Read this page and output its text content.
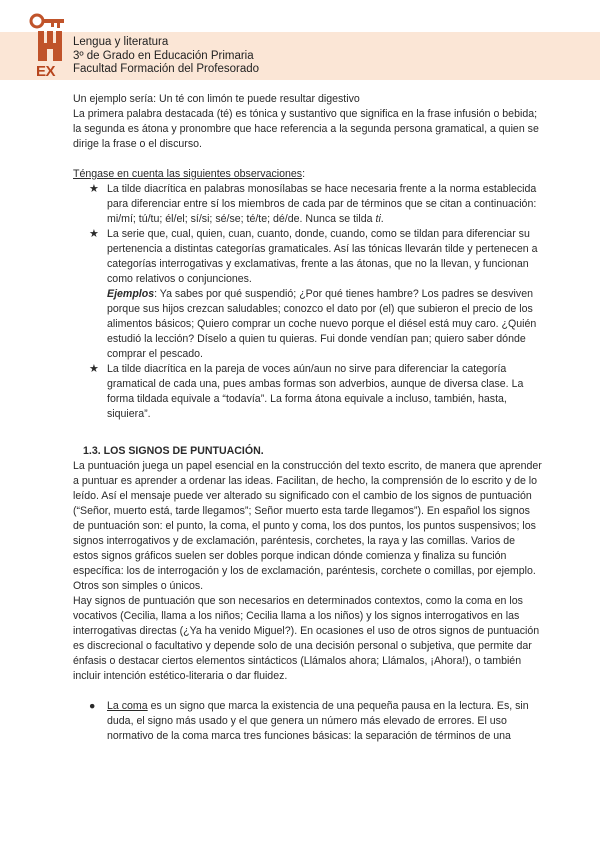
EX
Lengua y literatura
3º de Grado en Educación Primaria
Facultad Formación del Profesorado

Un ejemplo sería: Un té con limón te puede resultar digestivo

La primera palabra destacada (té) es tónica y sustantivo que significa en la frase infusión o bebida; la segunda es átona y pronombre que hace referencia a la segunda persona gramatical, a quien se dirige la frase o el discurso.

Téngase en cuenta las siguientes observaciones:

★ La tilde diacrítica en palabras monosílabas se hace necesaria frente a la norma establecida para diferenciar entre sí los miembros de cada par de términos que se citan a continuación: mi/mí; tú/tu; él/el; sí/si; sé/se; té/te; dé/de. Nunca se tilda ti.
★ La serie que, cual, quien, cuan, cuanto, donde, cuando, como se tildan para diferenciar su pertenencia a distintas categorías gramaticales. Así las tónicas llevarán tilde y pertenecen a categorías interrogativas y exclamativas, frente a las átonas, que no la llevan, y funcionan como relativos o conjunciones.
Ejemplos: Ya sabes por qué suspendió; ¿Por qué tienes hambre? Los padres se desviven porque sus hijos crezcan saludables; conozco el dato por (el) que subieron el precio de los alimentos básicos; Quiero comprar un coche nuevo porque el diésel está muy caro. ¿Quién estudió la lección? Díselo a quien tu quieras. Fui donde vendían pan; quiero saber dónde comprar el pescado.
★ La tilde diacrítica en la pareja de voces aún/aun no sirve para diferenciar la categoría gramatical de cada una, pues ambas formas son adverbios, aunque de diversa clase. La forma tildada equivale a “todavía”. La forma átona equivale a incluso, también, hasta, siquiera”.

1.3. LOS SIGNOS DE PUNTUACIÓN.

La puntuación juega un papel esencial en la construcción del texto escrito, de manera que aprender a puntuar es aprender a ordenar las ideas. Facilitan, de hecho, la comprensión de lo escrito y de lo leído. Así el mensaje puede ver alterado su significado con el cambio de los signos de puntuación (“Señor, muerto está, tarde llegamos”; Señor muerto esta tarde llegamos”). En español los signos de puntuación son: el punto, la coma, el punto y coma, los dos puntos, los puntos suspensivos; los signos interrogativos y de exclamación, paréntesis, corchetes, la raya y las comillas. Varios de estos signos gráficos suelen ser dobles porque indican dónde comienza y finaliza su función específica: los de interrogación y los de exclamación, paréntesis, corchete o comillas, por ejemplo. Otros son simples o únicos.

Hay signos de puntuación que son necesarios en determinados contextos, como la coma en los vocativos (Cecilia, llama a los niños; Cecilia llama a los niños) y los signos interrogativos en las interrogativas directas (¿Ya ha venido Miguel?). En ocasiones el uso de otros signos de puntuación es discrecional o facultativo y depende solo de una decisión personal o subjetiva, que permite dar énfasis o destacar ciertos elementos sintácticos (Llámalos ahora; Llámalos, ¡Ahora!), o también incluir intención estético-literaria o dar fluidez.

● La coma es un signo que marca la existencia de una pequeña pausa en la lectura. Es, sin duda, el signo más usado y el que genera un número más elevado de errores. El uso normativo de la coma marca tres funciones básicas: la separación de términos de una
